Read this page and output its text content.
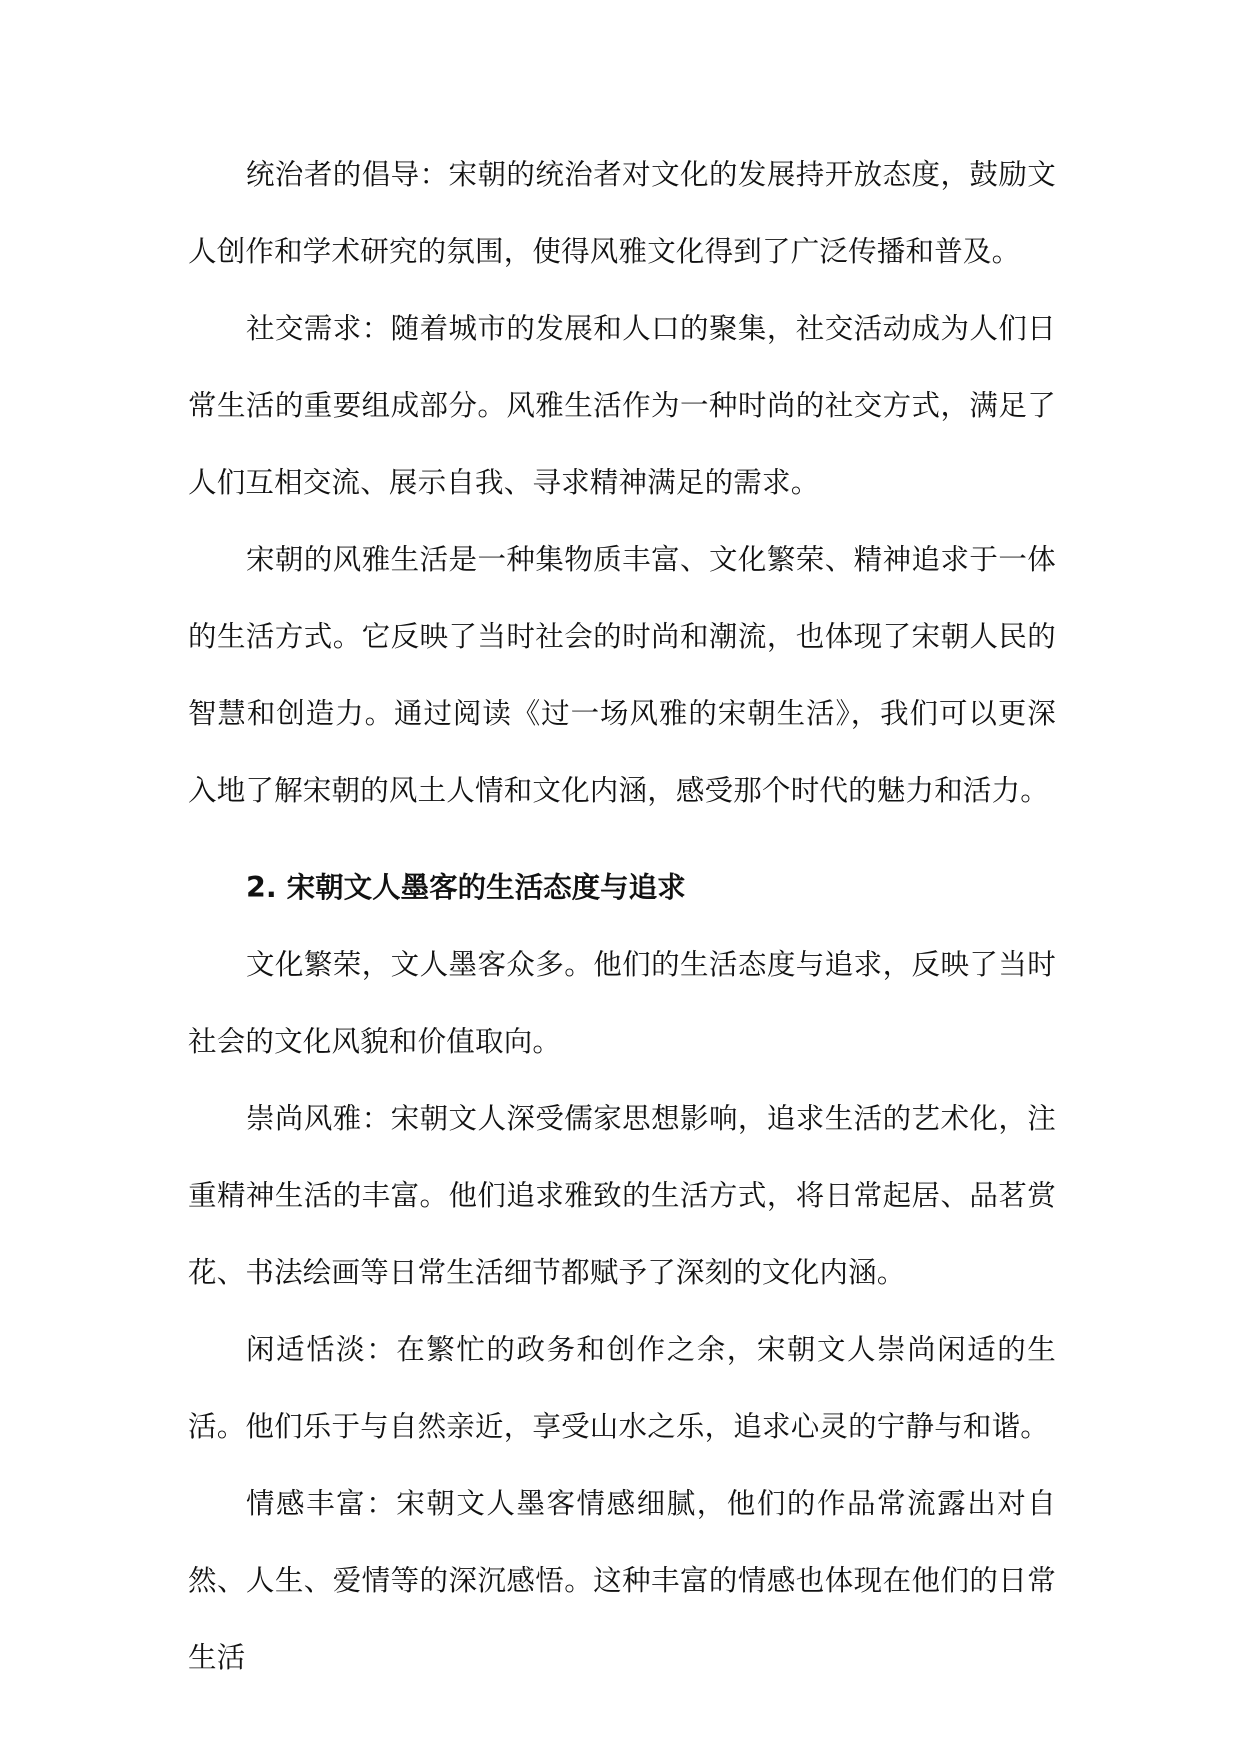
统治者的倡导：宋朝的统治者对文化的发展持开放态度，鼓励文人创作和学术研究的氛围，使得风雅文化得到了广泛传播和普及。

社交需求：随着城市的发展和人口的聚集，社交活动成为人们日常生活的重要组成部分。风雅生活作为一种时尚的社交方式，满足了人们互相交流、展示自我、寻求精神满足的需求。

宋朝的风雅生活是一种集物质丰富、文化繁荣、精神追求于一体的生活方式。它反映了当时社会的时尚和潮流，也体现了宋朝人民的智慧和创造力。通过阅读《过一场风雅的宋朝生活》，我们可以更深入地了解宋朝的风土人情和文化内涵，感受那个时代的魅力和活力。

2. 宋朝文人墨客的生活态度与追求

文化繁荣，文人墨客众多。他们的生活态度与追求，反映了当时社会的文化风貌和价值取向。

崇尚风雅：宋朝文人深受儒家思想影响，追求生活的艺术化，注重精神生活的丰富。他们追求雅致的生活方式，将日常起居、品茗赏花、书法绘画等日常生活细节都赋予了深刻的文化内涵。

闲适恬淡：在繁忙的政务和创作之余，宋朝文人崇尚闲适的生活。他们乐于与自然亲近，享受山水之乐，追求心灵的宁静与和谐。

情感丰富：宋朝文人墨客情感细腻，他们的作品常流露出对自然、人生、爱情等的深沉感悟。这种丰富的情感也体现在他们的日常生活
